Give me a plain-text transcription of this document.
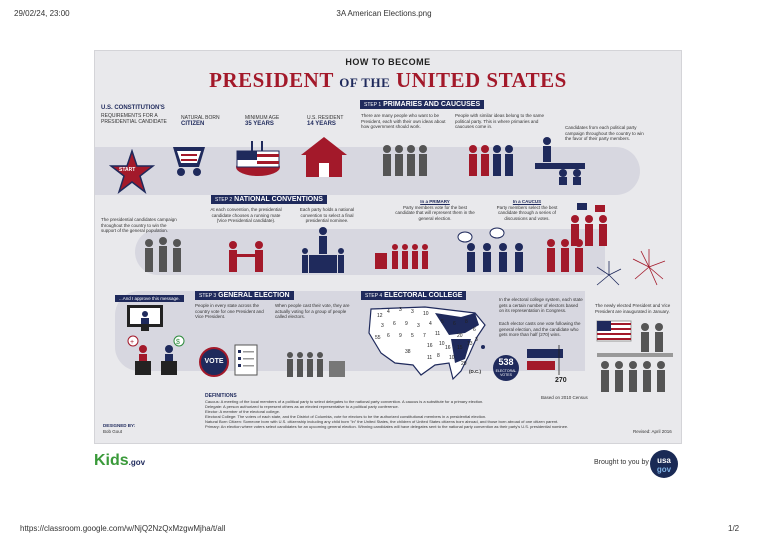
29/02/24, 23:00	3A American Elections.png
HOW TO BECOME
PRESIDENT OF THE UNITED STATES
U.S. CONSTITUTION'S
REQUIREMENTS FOR A PRESIDENTIAL CANDIDATE
NATURAL BORN
CITIZEN
MINIMUM AGE
35 YEARS
U.S. RESIDENT
14 YEARS
START
STEP 1 PRIMARIES AND CAUCUSES
There are many people who want to be President, each with their own ideas about how government should work.
People with similar ideas belong to the same political party. This is where primaries and caucuses come in.	Candidates from each political party campaign throughout the country to win the favor of their party members.
In a PRIMARY
Party members vote for the best candidate that will represent them in the general election.
In a CAUCUS
Party members select the best candidate through a series of discussions and votes.
STEP 2 NATIONAL CONVENTIONS
At each convention, the presidential candidate chooses a running mate (Vice Presidential candidate).
Each party holds a national convention to select a final presidential nominee.
The presidential candidates campaign throughout the country to win the support of the general population.
STEP 3 GENERAL ELECTION
People in every state across the country vote for one President and Vice President.
When people cast their vote, they are actually voting for a group of people called electors.
...And I approve this message.
+	$
VOTE
STEP 4 ELECTORAL COLLEGE
In the electoral college system, each state gets a certain number of electors based on its representation in Congress.
Each elector casts one vote following the general election, and the candidate who gets more than half (270) wins.
12
4 3 3 10
3 6 9 3 4 5 6 8
55 6 9 5 7 11
38
16 10
29
16
20
6
10
8
15
13
11
3
(D.C.)
538
ELECTORAL VOTES
270
Based on 2010 Census
The newly elected President and Vice President are inaugurated in January.
DEFINITIONS
Caucus: A meeting of the local members of a political party to select delegates to the national party convention. A caucus is a substitute for a primary election.
Delegate: A person authorized to represent others as an elected representative to a political party conference.
Elector: A member of the electoral college.
Electoral College: The voters of each state, and the District of Columbia, vote for electors to be the authorized constitutional members in a presidential election.
Natural Born Citizen: Someone born with U.S. citizenship including any child born "in" the United States, the children of United States citizens born abroad, and those born abroad of one citizen parent.
Primary: An election where voters select candidates for an upcoming general election. Winning candidates will have delegates sent to the national party convention as their party's U.S. presidential nominee.
DESIGNED BY:
Bob Gout	Revised: April 2016
Kids.gov	Brought to you by	usa
gov
https://classroom.google.com/w/NjQ2NzQxMzgwMjha/t/all	1/2
